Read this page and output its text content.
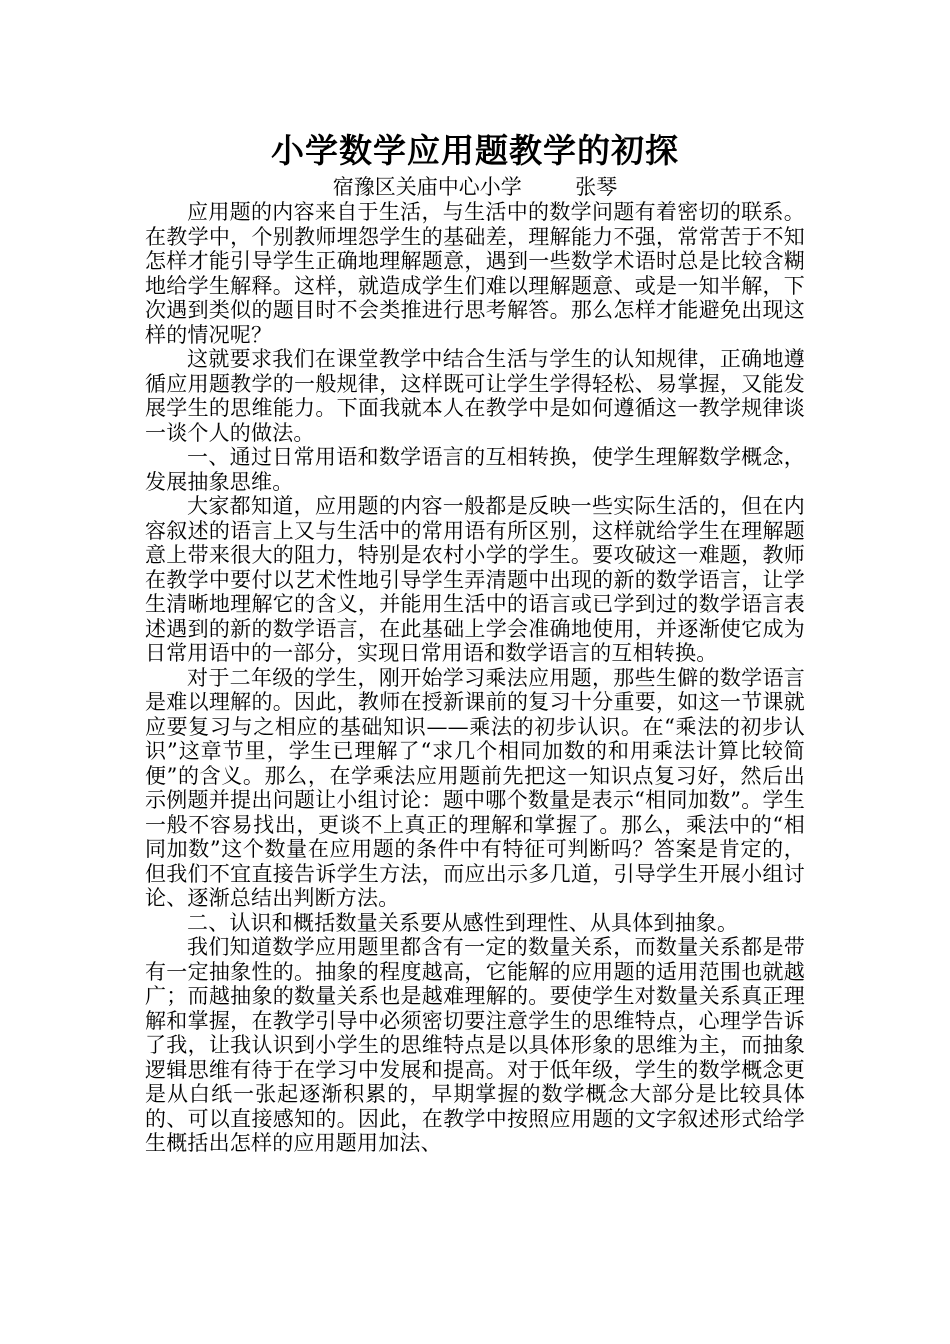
小学数学应用题教学的初探
宿豫区关庙中心小学        张琴

应用题的内容来自于生活，与生活中的数学问题有着密切的联系。在教学中，个别教师埋怨学生的基础差，理解能力不强，常常苦于不知怎样才能引导学生正确地理解题意，遇到一些数学术语时总是比较含糊地给学生解释。这样，就造成学生们难以理解题意、或是一知半解，下次遇到类似的题目时不会类推进行思考解答。那么怎样才能避免出现这样的情况呢？

这就要求我们在课堂教学中结合生活与学生的认知规律，正确地遵循应用题教学的一般规律，这样既可让学生学得轻松、易掌握，又能发展学生的思维能力。下面我就本人在教学中是如何遵循这一教学规律谈一谈个人的做法。

一、通过日常用语和数学语言的互相转换，使学生理解数学概念，发展抽象思维。

大家都知道，应用题的内容一般都是反映一些实际生活的，但在内容叙述的语言上又与生活中的常用语有所区别，这样就给学生在理解题意上带来很大的阻力，特别是农村小学的学生。要攻破这一难题，教师在教学中要付以艺术性地引导学生弄清题中出现的新的数学语言，让学生清晰地理解它的含义，并能用生活中的语言或已学到过的数学语言表述遇到的新的数学语言，在此基础上学会准确地使用，并逐渐使它成为日常用语中的一部分，实现日常用语和数学语言的互相转换。

对于二年级的学生，刚开始学习乘法应用题，那些生僻的数学语言是难以理解的。因此，教师在授新课前的复习十分重要，如这一节课就应要复习与之相应的基础知识——乘法的初步认识。在“乘法的初步认识”这章节里，学生已理解了“求几个相同加数的和用乘法计算比较简便”的含义。那么，在学乘法应用题前先把这一知识点复习好，然后出示例题并提出问题让小组讨论：题中哪个数量是表示“相同加数”。学生一般不容易找出，更谈不上真正的理解和掌握了。那么，乘法中的“相同加数”这个数量在应用题的条件中有特征可判断吗？答案是肯定的，但我们不宜直接告诉学生方法，而应出示多几道，引导学生开展小组讨论、逐渐总结出判断方法。

二、认识和概括数量关系要从感性到理性、从具体到抽象。

我们知道数学应用题里都含有一定的数量关系，而数量关系都是带有一定抽象性的。抽象的程度越高，它能解的应用题的适用范围也就越广；而越抽象的数量关系也是越难理解的。要使学生对数量关系真正理解和掌握，在教学引导中必须密切要注意学生的思维特点，心理学告诉了我，让我认识到小学生的思维特点是以具体形象的思维为主，而抽象逻辑思维有待于在学习中发展和提高。对于低年级，学生的数学概念更是从白纸一张起逐渐积累的，早期掌握的数学概念大部分是比较具体的、可以直接感知的。因此，在教学中按照应用题的文字叙述形式给学生概括出怎样的应用题用加法、
